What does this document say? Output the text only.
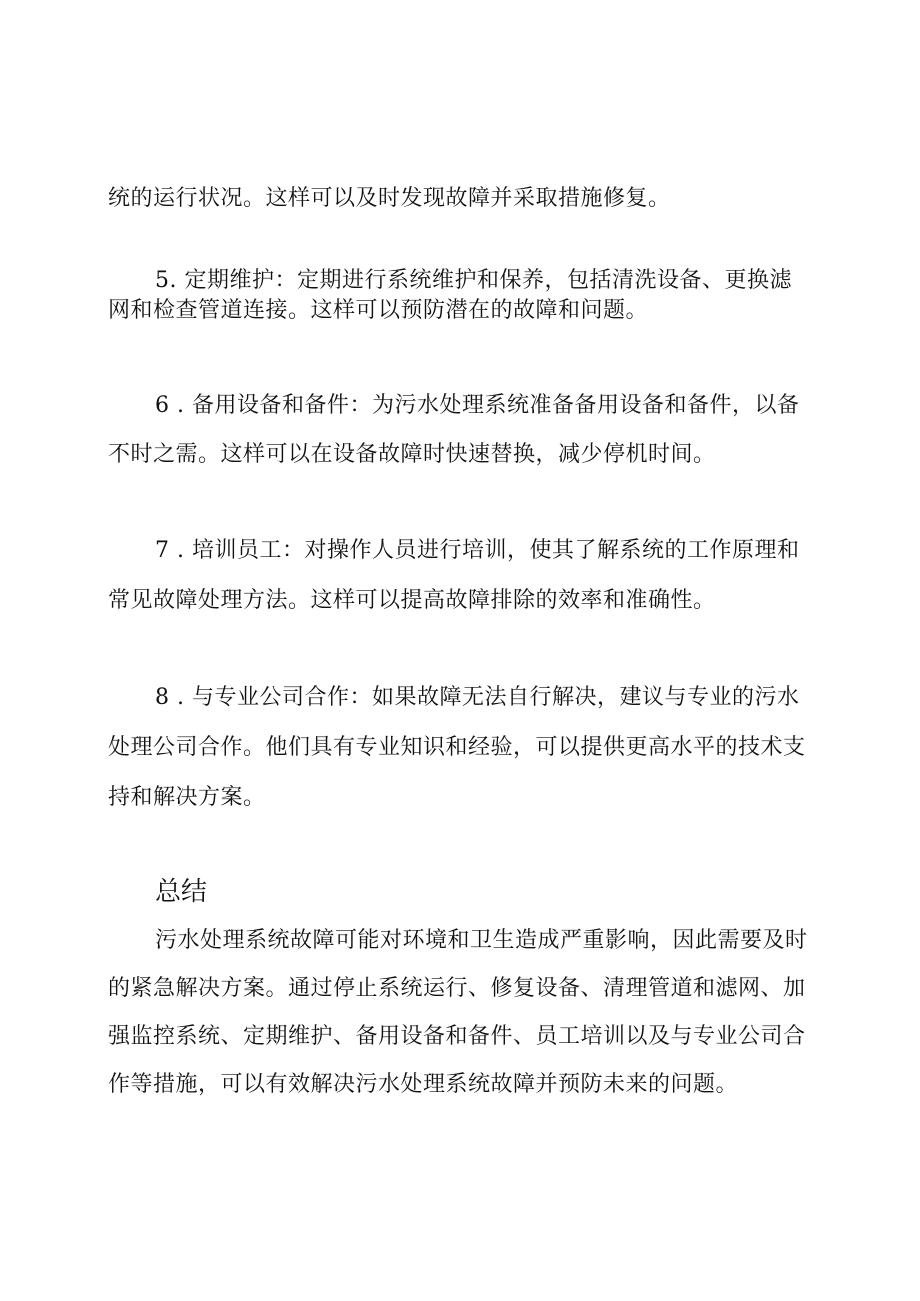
统的运行状况。这样可以及时发现故障并采取措施修复。

5. 定期维护：定期进行系统维护和保养，包括清洗设备、更换滤

网和检查管道连接。这样可以预防潜在的故障和问题。

6 . 备用设备和备件：为污水处理系统准备备用设备和备件，以备

不时之需。这样可以在设备故障时快速替换，减少停机时间。

7 . 培训员工：对操作人员进行培训，使其了解系统的工作原理和

常见故障处理方法。这样可以提高故障排除的效率和准确性。

8 . 与专业公司合作：如果故障无法自行解决，建议与专业的污水

处理公司合作。他们具有专业知识和经验，可以提供更高水平的技术支

持和解决方案。

总结

污水处理系统故障可能对环境和卫生造成严重影响，因此需要及时

的紧急解决方案。通过停止系统运行、修复设备、清理管道和滤网、加

强监控系统、定期维护、备用设备和备件、员工培训以及与专业公司合

作等措施，可以有效解决污水处理系统故障并预防未来的问题。
